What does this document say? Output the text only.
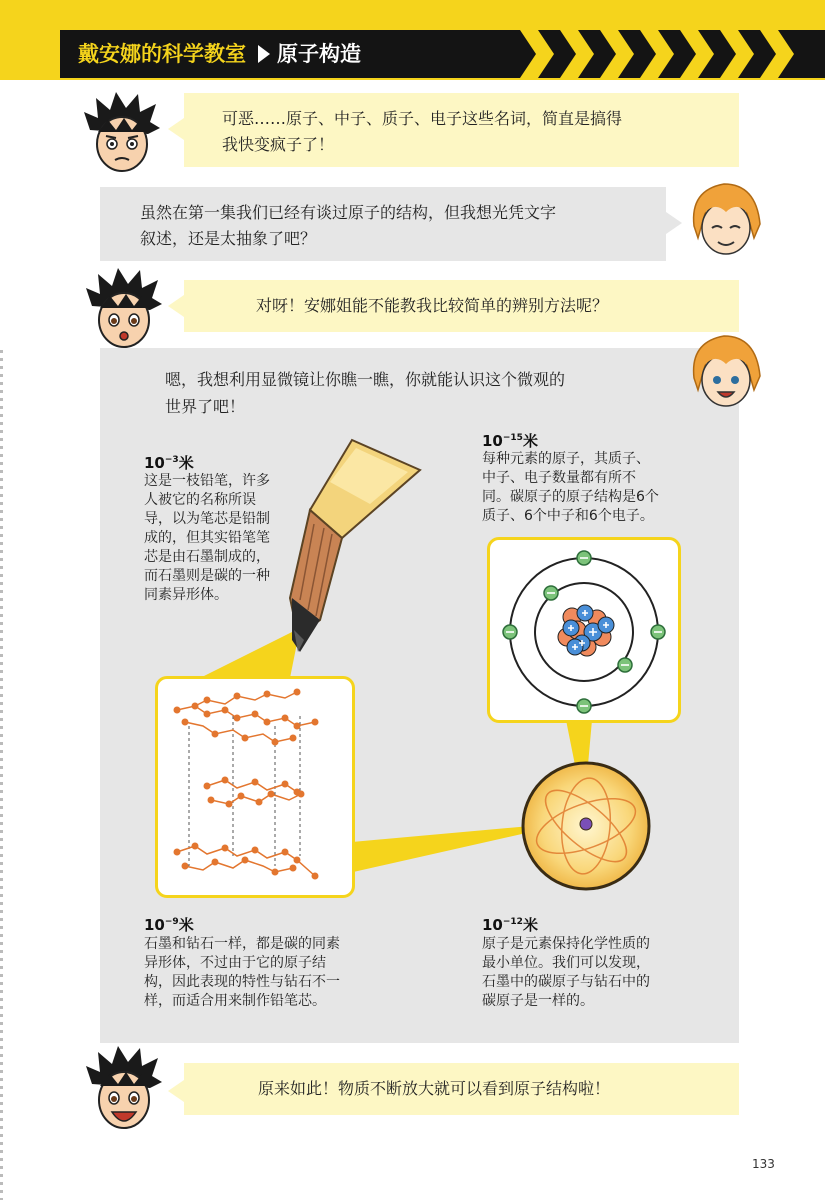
戴安娜的科学教室 原子构造
可恶……原子、中子、质子、电子这些名词，简直是搞得
我快变疯子了！
虽然在第一集我们已经有谈过原子的结构，但我想光凭文字
叙述，还是太抽象了吧？
对呀！安娜姐能不能教我比较简单的辨别方法呢？
嗯，我想利用显微镜让你瞧一瞧，你就能认识这个微观的
世界了吧！
$10^{-3}$米
这是一枝铅笔，许多
人被它的名称所误
导，以为笔芯是铅制
成的，但其实铅笔笔
芯是由石墨制成的，
而石墨则是碳的一种
同素异形体。
$10^{-15}$米
每种元素的原子，其质子、
中子、电子数量都有所不
同。碳原子的原子结构是6个
质子、6个中子和6个电子。
$10^{-9}$米
石墨和钻石一样，都是碳的同素
异形体，不过由于它的原子结
构，因此表现的特性与钻石不一
样，而适合用来制作铅笔芯。
$10^{-12}$米
原子是元素保持化学性质的
最小单位。我们可以发现，
石墨中的碳原子与钻石中的
碳原子是一样的。
原来如此！物质不断放大就可以看到原子结构啦！
133
